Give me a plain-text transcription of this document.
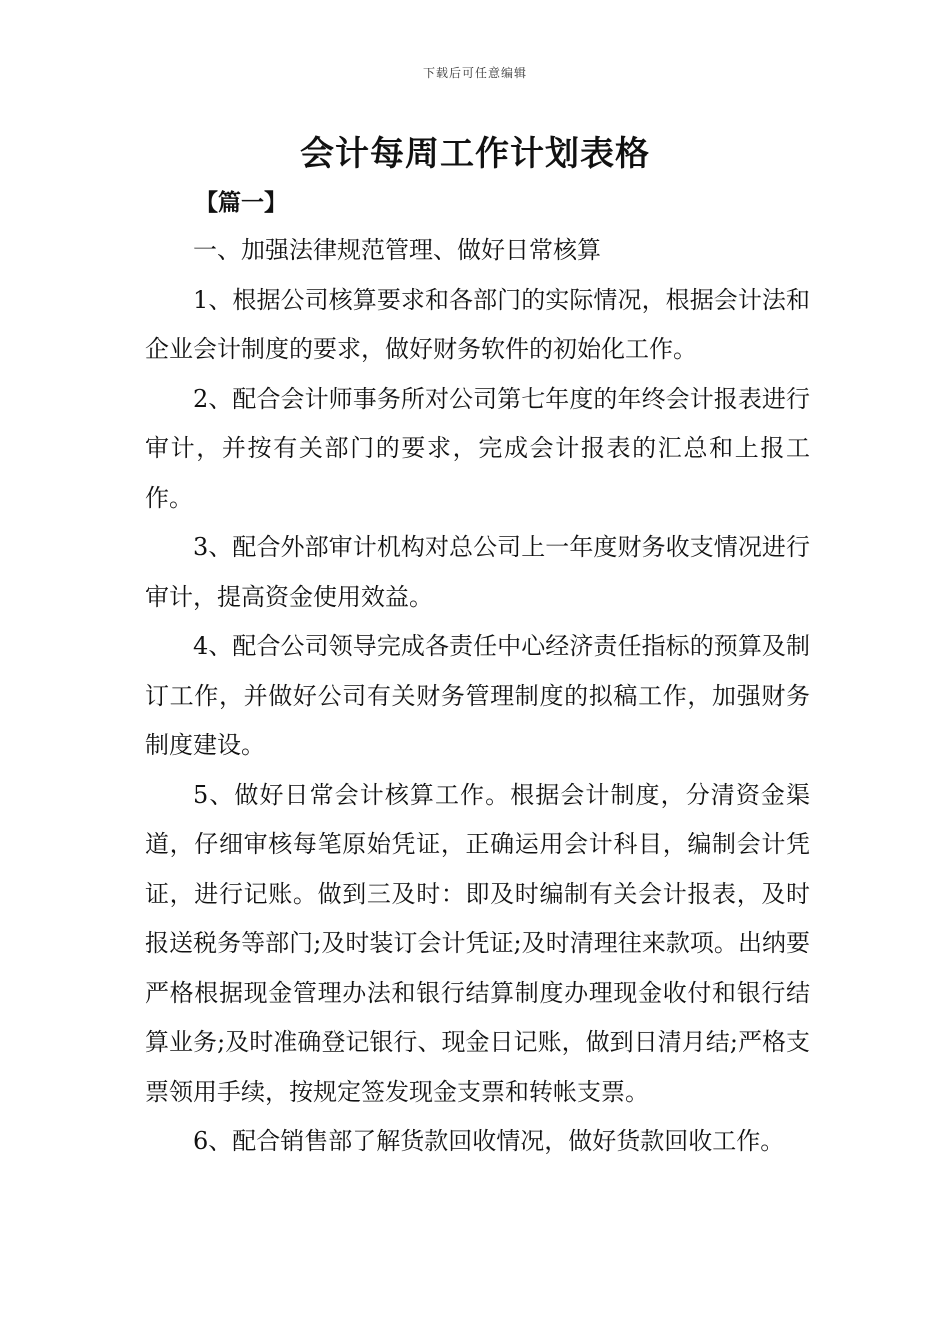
下载后可任意编辑
会计每周工作计划表格
【篇一】

一、加强法律规范管理、做好日常核算

1、根据公司核算要求和各部门的实际情况，根据会计法和企业会计制度的要求，做好财务软件的初始化工作。

2、配合会计师事务所对公司第七年度的年终会计报表进行审计，并按有关部门的要求，完成会计报表的汇总和上报工作。

3、配合外部审计机构对总公司上一年度财务收支情况进行审计，提高资金使用效益。

4、配合公司领导完成各责任中心经济责任指标的预算及制订工作，并做好公司有关财务管理制度的拟稿工作，加强财务制度建设。

5、做好日常会计核算工作。根据会计制度，分清资金渠道，仔细审核每笔原始凭证，正确运用会计科目，编制会计凭证，进行记账。做到三及时：即及时编制有关会计报表，及时报送税务等部门;及时装订会计凭证;及时清理往来款项。出纳要严格根据现金管理办法和银行结算制度办理现金收付和银行结算业务;及时准确登记银行、现金日记账，做到日清月结;严格支票领用手续，按规定签发现金支票和转帐支票。

6、配合销售部了解货款回收情况，做好货款回收工作。
